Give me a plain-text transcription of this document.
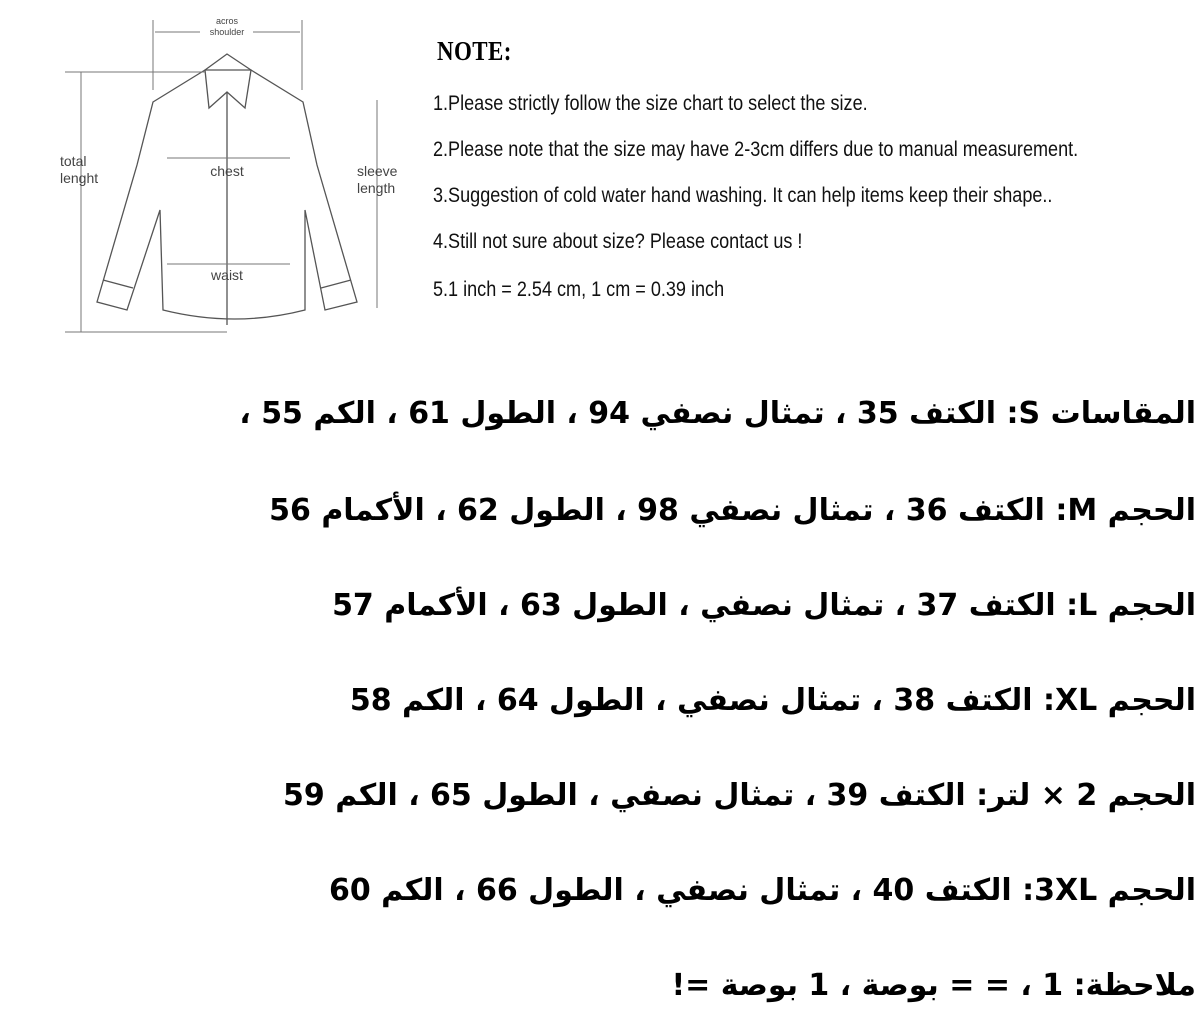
acros
shoulder
total
lenght	chest	sleeve
length
waist
NOTE:
1.Please strictly follow the size chart to select the size.
2.Please note that the size may have 2-3cm differs due to manual measurement.
3.Suggestion of cold water hand washing. It can help items keep their shape..
4.Still not sure about size? Please contact us !
5.1 inch = 2.54 cm, 1 cm = 0.39 inch
المقاسات S: الكتف 35 ، تمثال نصفي 94 ، الطول 61 ، الكم 55 ،
الحجم M: الكتف 36 ، تمثال نصفي 98 ، الطول 62 ، الأكمام 56
الحجم L: الكتف 37 ، تمثال نصفي ، الطول 63 ، الأكمام 57
الحجم XL: الكتف 38 ، تمثال نصفي ، الطول 64 ، الكم 58
الحجم 2 × لتر: الكتف 39 ، تمثال نصفي ، الطول 65 ، الكم 59
الحجم 3XL: الكتف 40 ، تمثال نصفي ، الطول 66 ، الكم 60
ملاحظة: 1 ، = = بوصة ، 1 بوصة =!
